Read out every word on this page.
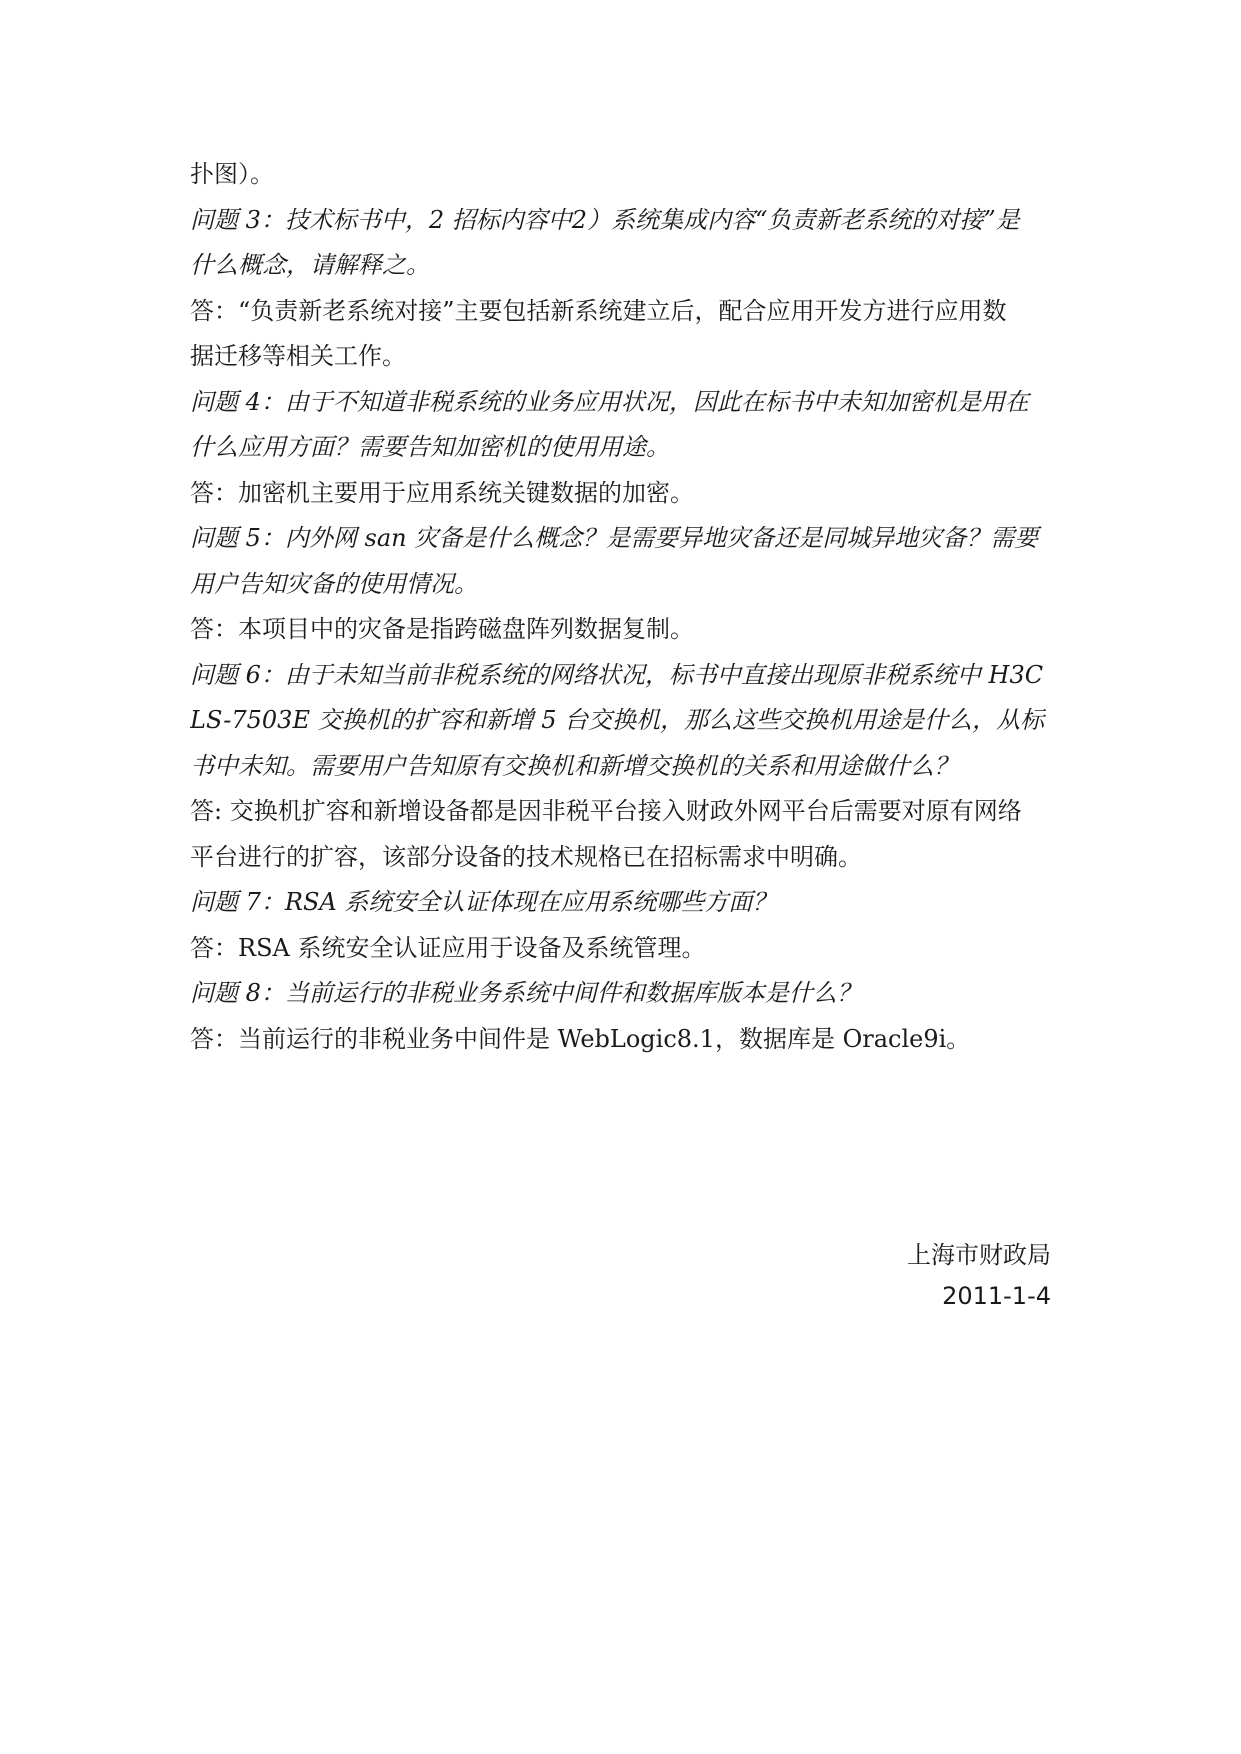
扑图）。
问题 3：技术标书中，2 招标内容中2）系统集成内容“负责新老系统的对接”是
什么概念，请解释之。
答：“负责新老系统对接”主要包括新系统建立后，配合应用开发方进行应用数
据迁移等相关工作。
问题 4：由于不知道非税系统的业务应用状况，因此在标书中未知加密机是用在
什么应用方面？需要告知加密机的使用用途。
答：加密机主要用于应用系统关键数据的加密。
问题 5：内外网 san 灾备是什么概念？是需要异地灾备还是同城异地灾备？需要
用户告知灾备的使用情况。
答：本项目中的灾备是指跨磁盘阵列数据复制。
问题 6：由于未知当前非税系统的网络状况，标书中直接出现原非税系统中 H3C
LS-7503E 交换机的扩容和新增 5 台交换机，那么这些交换机用途是什么，从标
书中未知。需要用户告知原有交换机和新增交换机的关系和用途做什么？
答: 交换机扩容和新增设备都是因非税平台接入财政外网平台后需要对原有网络
平台进行的扩容，该部分设备的技术规格已在招标需求中明确。
问题 7：RSA 系统安全认证体现在应用系统哪些方面？
答：RSA 系统安全认证应用于设备及系统管理。
问题 8：当前运行的非税业务系统中间件和数据库版本是什么？
答：当前运行的非税业务中间件是 WebLogic8.1，数据库是 Oracle9i。
上海市财政局
2011-1-4
